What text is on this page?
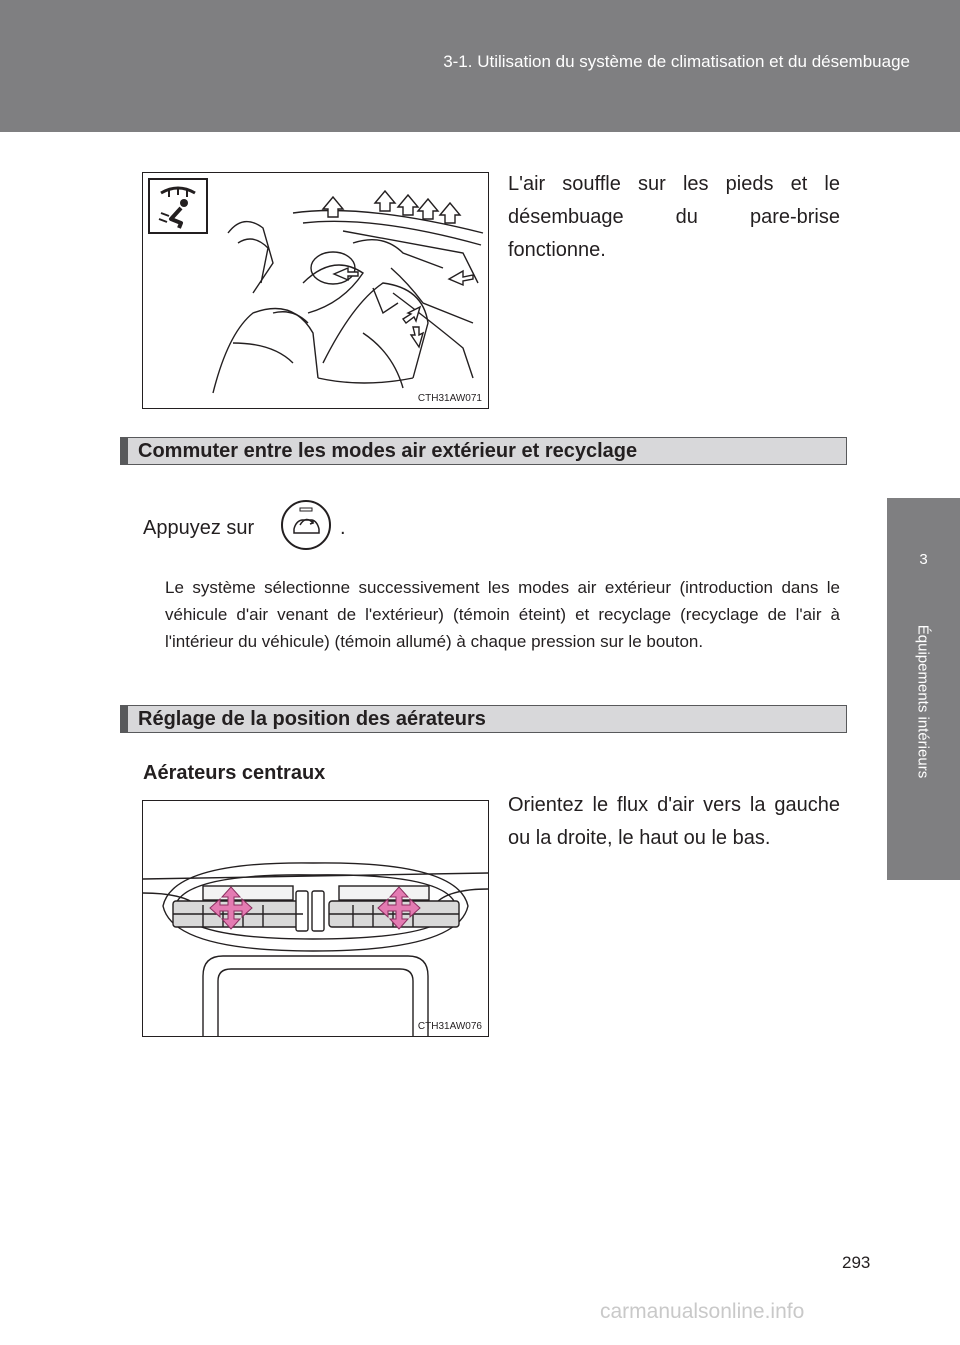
3-1. Utilisation du système de climatisation et du désembuage
3
Équipements intérieurs
CTH31AW071
L'air souffle sur les pieds et le désembuage du pare-brise fonctionne.
Commuter entre les modes air extérieur et recyclage
Appuyez sur	.
Le système sélectionne successivement les modes air extérieur (introduction dans le véhicule d'air venant de l'extérieur) (témoin éteint) et recyclage (recyclage de l'air à l'intérieur du véhicule) (témoin allumé) à chaque pression sur le bouton.
Réglage de la position des aérateurs
Aérateurs centraux
CTH31AW076
Orientez le flux d'air vers la gauche ou la droite, le haut ou le bas.
293
carmanualsonline.info
